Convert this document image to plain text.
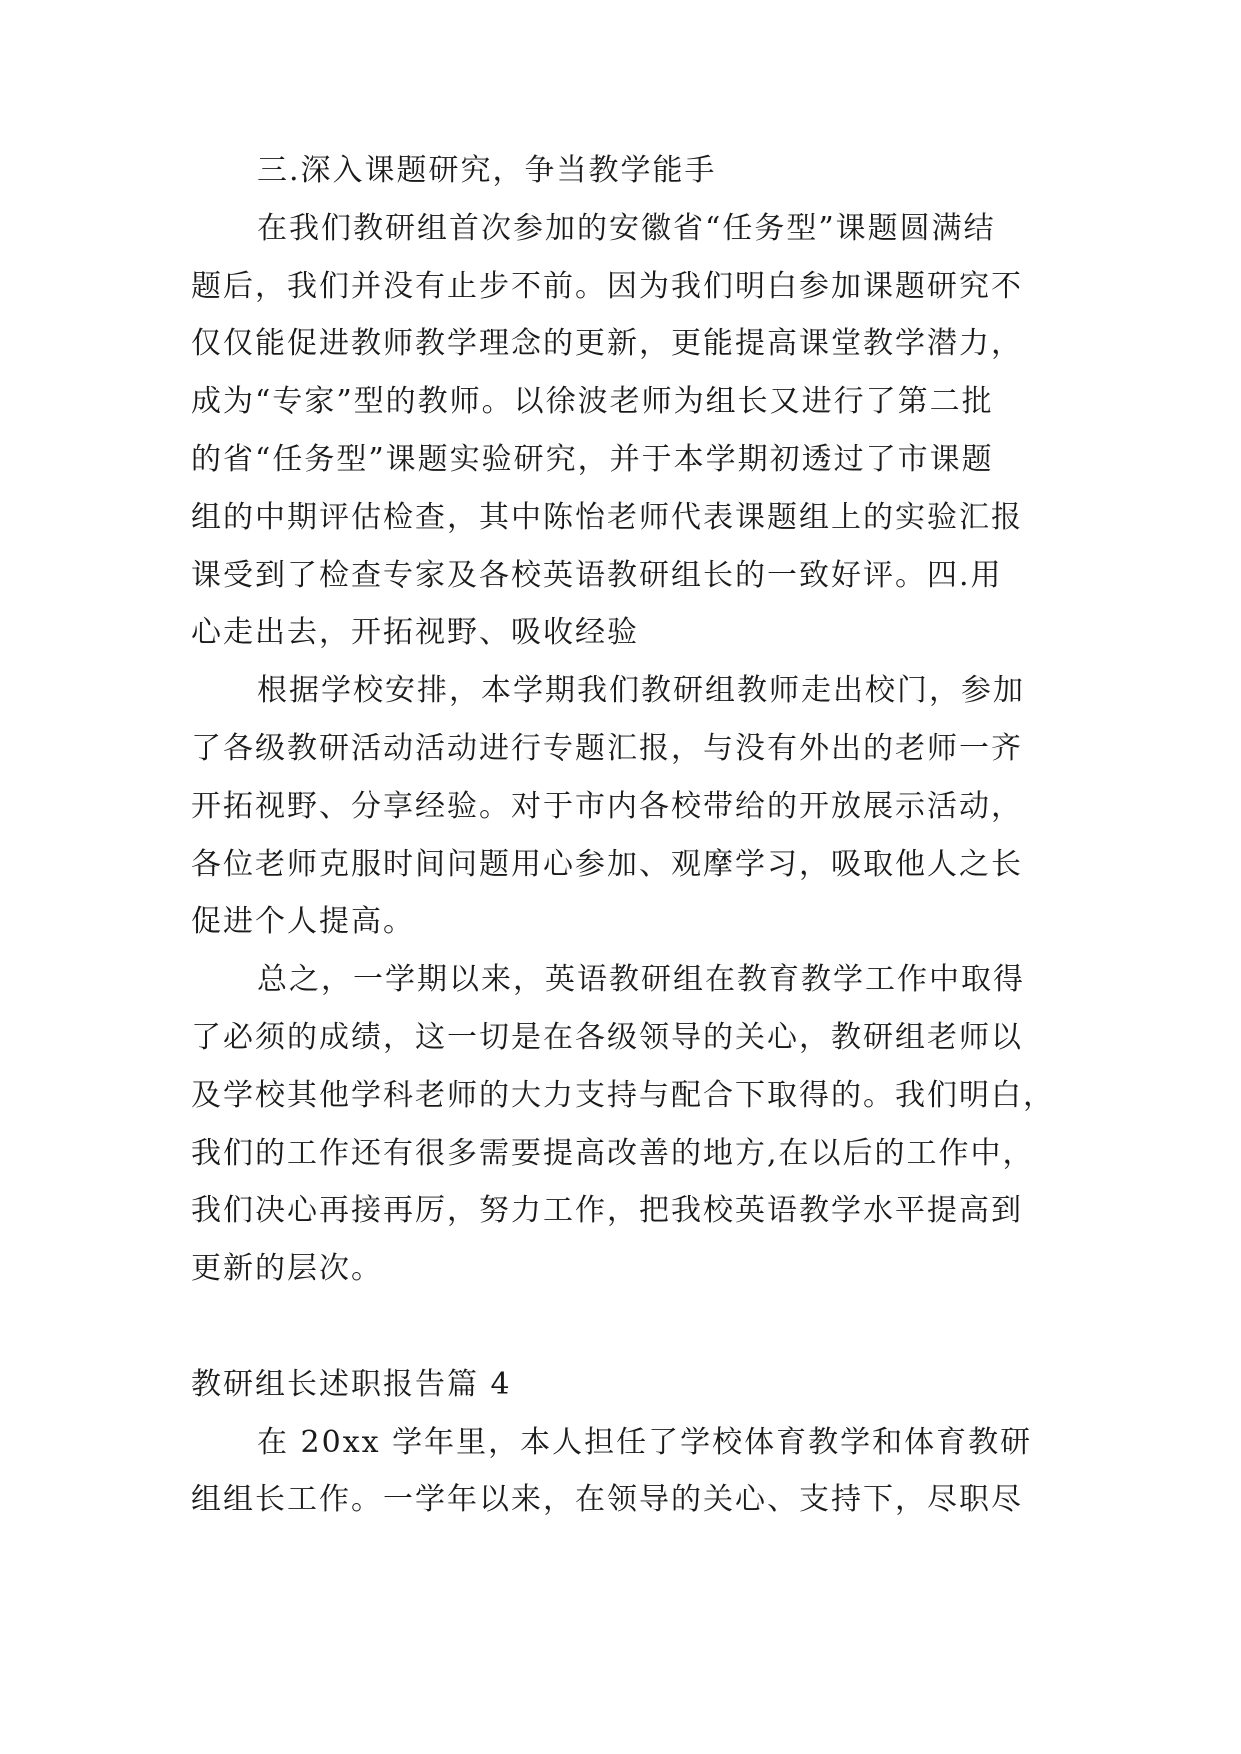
三.深入课题研究，争当教学能手
在我们教研组首次参加的安徽省“任务型”课题圆满结
题后，我们并没有止步不前。因为我们明白参加课题研究不
仅仅能促进教师教学理念的更新，更能提高课堂教学潜力，
成为“专家”型的教师。以徐波老师为组长又进行了第二批
的省“任务型”课题实验研究，并于本学期初透过了市课题
组的中期评估检查，其中陈怡老师代表课题组上的实验汇报
课受到了检查专家及各校英语教研组长的一致好评。四.用
心走出去，开拓视野、吸收经验
根据学校安排，本学期我们教研组教师走出校门，参加
了各级教研活动活动进行专题汇报，与没有外出的老师一齐
开拓视野、分享经验。对于市内各校带给的开放展示活动，
各位老师克服时间问题用心参加、观摩学习，吸取他人之长
促进个人提高。
总之，一学期以来，英语教研组在教育教学工作中取得
了必须的成绩，这一切是在各级领导的关心，教研组老师以
及学校其他学科老师的大力支持与配合下取得的。我们明白，
我们的工作还有很多需要提高改善的地方,在以后的工作中，
我们决心再接再厉，努力工作，把我校英语教学水平提高到
更新的层次。
教研组长述职报告篇 4
在 20xx 学年里，本人担任了学校体育教学和体育教研
组组长工作。一学年以来，在领导的关心、支持下，尽职尽
